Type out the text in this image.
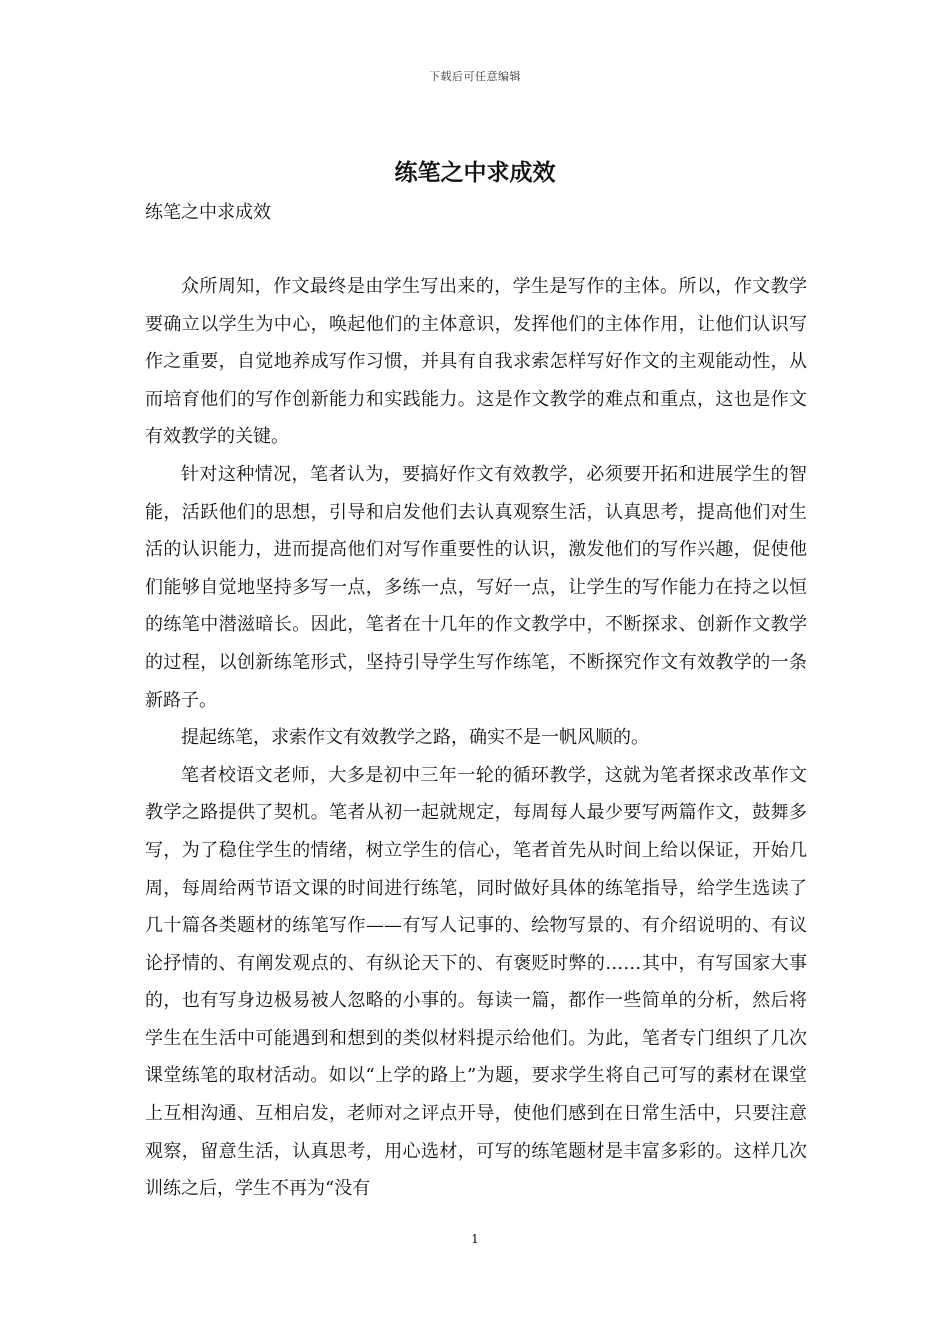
下载后可任意编辑
练笔之中求成效
练笔之中求成效

众所周知，作文最终是由学生写出来的，学生是写作的主体。所以，作文教学要确立以学生为中心，唤起他们的主体意识，发挥他们的主体作用，让他们认识写作之重要，自觉地养成写作习惯，并具有自我求索怎样写好作文的主观能动性，从而培育他们的写作创新能力和实践能力。这是作文教学的难点和重点，这也是作文有效教学的关键。

针对这种情况，笔者认为，要搞好作文有效教学，必须要开拓和进展学生的智能，活跃他们的思想，引导和启发他们去认真观察生活，认真思考，提高他们对生活的认识能力，进而提高他们对写作重要性的认识，激发他们的写作兴趣，促使他们能够自觉地坚持多写一点，多练一点，写好一点，让学生的写作能力在持之以恒的练笔中潜滋暗长。因此，笔者在十几年的作文教学中，不断探求、创新作文教学的过程，以创新练笔形式，坚持引导学生写作练笔，不断探究作文有效教学的一条新路子。

提起练笔，求索作文有效教学之路，确实不是一帆风顺的。

笔者校语文老师，大多是初中三年一轮的循环教学，这就为笔者探求改革作文教学之路提供了契机。笔者从初一起就规定，每周每人最少要写两篇作文，鼓舞多写，为了稳住学生的情绪，树立学生的信心，笔者首先从时间上给以保证，开始几周，每周给两节语文课的时间进行练笔，同时做好具体的练笔指导，给学生选读了几十篇各类题材的练笔写作——有写人记事的、绘物写景的、有介绍说明的、有议论抒情的、有阐发观点的、有纵论天下的、有褒贬时弊的……其中，有写国家大事的，也有写身边极易被人忽略的小事的。每读一篇，都作一些简单的分析，然后将学生在生活中可能遇到和想到的类似材料提示给他们。为此，笔者专门组织了几次课堂练笔的取材活动。如以“上学的路上”为题，要求学生将自己可写的素材在课堂上互相沟通、互相启发，老师对之评点开导，使他们感到在日常生活中，只要注意观察，留意生活，认真思考，用心选材，可写的练笔题材是丰富多彩的。这样几次训练之后，学生不再为“没有

1
